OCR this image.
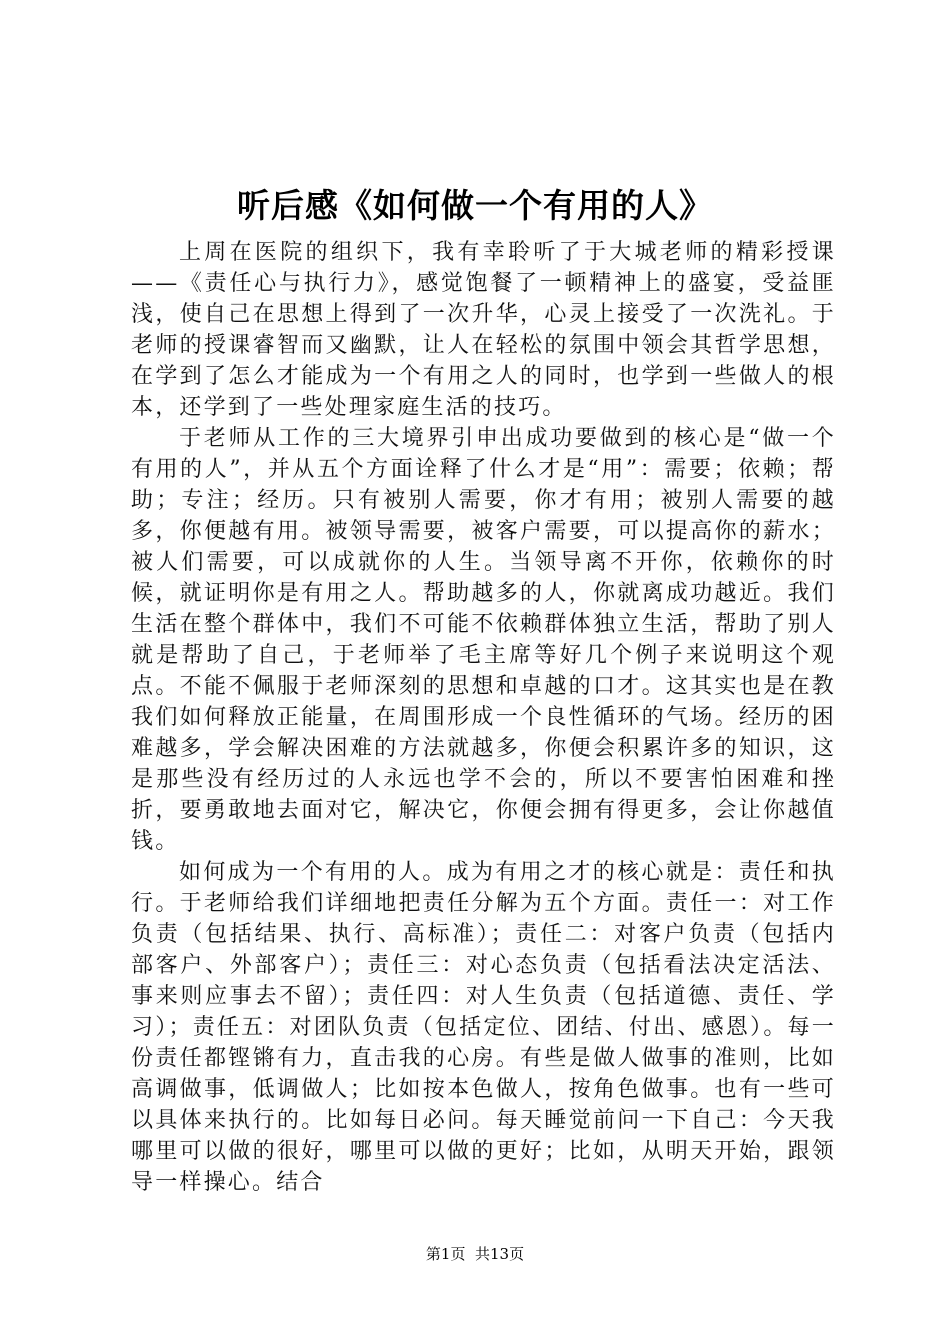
听后感《如何做一个有用的人》

上周在医院的组织下，我有幸聆听了于大城老师的精彩授课——《责任心与执行力》，感觉饱餐了一顿精神上的盛宴，受益匪浅，使自己在思想上得到了一次升华，心灵上接受了一次洗礼。于老师的授课睿智而又幽默，让人在轻松的氛围中领会其哲学思想，在学到了怎么才能成为一个有用之人的同时，也学到一些做人的根本，还学到了一些处理家庭生活的技巧。

于老师从工作的三大境界引申出成功要做到的核心是“做一个有用的人”，并从五个方面诠释了什么才是“用”：需要；依赖；帮助；专注；经历。只有被别人需要，你才有用；被别人需要的越多，你便越有用。被领导需要，被客户需要，可以提高你的薪水；被人们需要，可以成就你的人生。当领导离不开你，依赖你的时候，就证明你是有用之人。帮助越多的人，你就离成功越近。我们生活在整个群体中，我们不可能不依赖群体独立生活，帮助了别人就是帮助了自己，于老师举了毛主席等好几个例子来说明这个观点。不能不佩服于老师深刻的思想和卓越的口才。这其实也是在教我们如何释放正能量，在周围形成一个良性循环的气场。经历的困难越多，学会解决困难的方法就越多，你便会积累许多的知识，这是那些没有经历过的人永远也学不会的，所以不要害怕困难和挫折，要勇敢地去面对它，解决它，你便会拥有得更多，会让你越值钱。

如何成为一个有用的人。成为有用之才的核心就是：责任和执行。于老师给我们详细地把责任分解为五个方面。责任一：对工作负责（包括结果、执行、高标准）；责任二：对客户负责（包括内部客户、外部客户）；责任三：对心态负责（包括看法决定活法、事来则应事去不留）；责任四：对人生负责（包括道德、责任、学习）；责任五：对团队负责（包括定位、团结、付出、感恩）。每一份责任都铿锵有力，直击我的心房。有些是做人做事的准则，比如高调做事，低调做人；比如按本色做人，按角色做事。也有一些可以具体来执行的。比如每日必问。每天睡觉前问一下自己：今天我哪里可以做的很好，哪里可以做的更好；比如，从明天开始，跟领导一样操心。结合

第1页  共13页
